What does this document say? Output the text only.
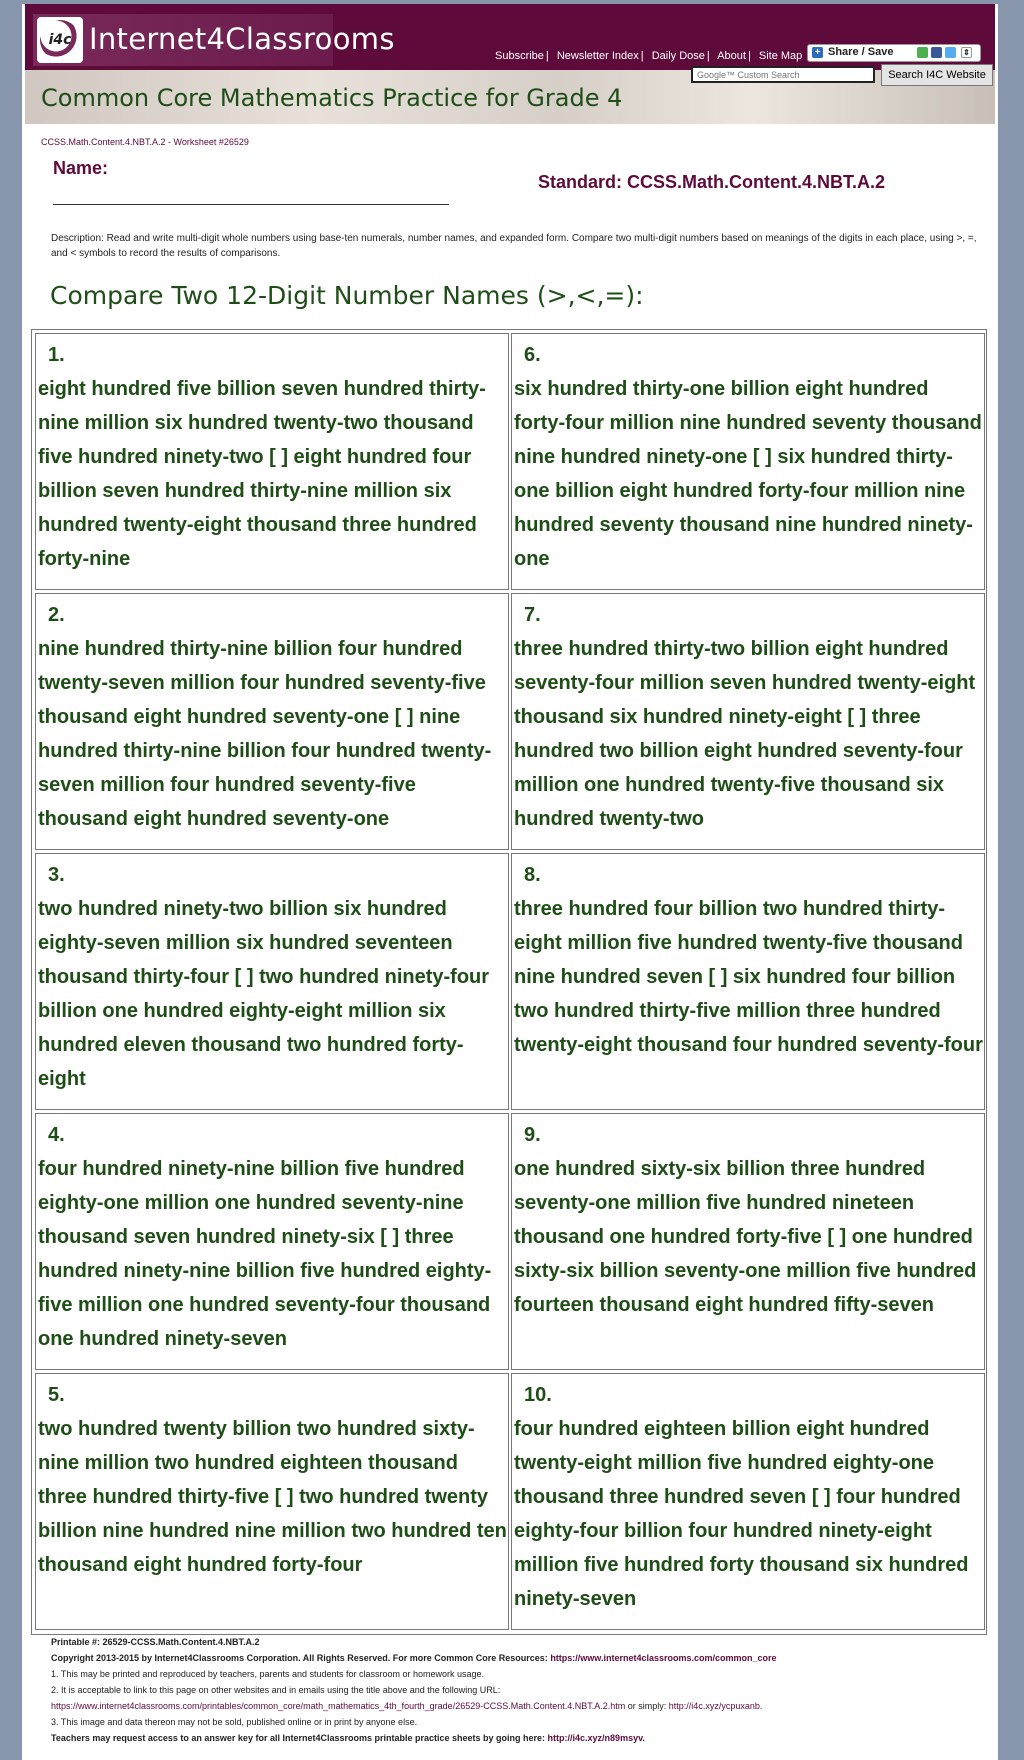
i4c Internet4Classrooms	Subscribe | Newsletter Index | Daily Dose | About | Site Map + Share / Save	⇕
Common Core Mathematics Practice for Grade 4
Google™ Custom Search
Search I4C Website
CCSS.Math.Content.4.NBT.A.2 - Worksheet #26529
Name:
Standard: CCSS.Math.Content.4.NBT.A.2
Description: Read and write multi-digit whole numbers using base-ten numerals, number names, and expanded form. Compare two multi-digit numbers based on meanings of the digits in each place, using >, =, and < symbols to record the results of comparisons.
Compare Two 12-Digit Number Names (>,<,=):
1.
eight hundred five billion seven hundred thirty-nine million six hundred twenty-two thousand five hundred ninety-two [ ] eight hundred four billion seven hundred thirty-nine million six hundred twenty-eight thousand three hundred forty-nine
6.
six hundred thirty-one billion eight hundred forty-four million nine hundred seventy thousand nine hundred ninety-one [ ] six hundred thirty-one billion eight hundred forty-four million nine hundred seventy thousand nine hundred ninety-one
2.
nine hundred thirty-nine billion four hundred twenty-seven million four hundred seventy-five thousand eight hundred seventy-one [ ] nine hundred thirty-nine billion four hundred twenty-seven million four hundred seventy-five thousand eight hundred seventy-one
7.
three hundred thirty-two billion eight hundred seventy-four million seven hundred twenty-eight thousand six hundred ninety-eight [ ] three hundred two billion eight hundred seventy-four million one hundred twenty-five thousand six hundred twenty-two
3.
two hundred ninety-two billion six hundred eighty-seven million six hundred seventeen thousand thirty-four [ ] two hundred ninety-four billion one hundred eighty-eight million six hundred eleven thousand two hundred forty-eight
8.
three hundred four billion two hundred thirty-eight million five hundred twenty-five thousand nine hundred seven [ ] six hundred four billion two hundred thirty-five million three hundred twenty-eight thousand four hundred seventy-four
4.
four hundred ninety-nine billion five hundred eighty-one million one hundred seventy-nine thousand seven hundred ninety-six [ ] three hundred ninety-nine billion five hundred eighty-five million one hundred seventy-four thousand one hundred ninety-seven
9.
one hundred sixty-six billion three hundred seventy-one million five hundred nineteen thousand one hundred forty-five [ ] one hundred sixty-six billion seventy-one million five hundred fourteen thousand eight hundred fifty-seven
5.
two hundred twenty billion two hundred sixty-nine million two hundred eighteen thousand three hundred thirty-five [ ] two hundred twenty billion nine hundred nine million two hundred ten thousand eight hundred forty-four
10.
four hundred eighteen billion eight hundred twenty-eight million five hundred eighty-one thousand three hundred seven [ ] four hundred eighty-four billion four hundred ninety-eight million five hundred forty thousand six hundred ninety-seven
Printable #: 26529-CCSS.Math.Content.4.NBT.A.2
Copyright 2013-2015 by Internet4Classrooms Corporation. All Rights Reserved. For more Common Core Resources: https://www.internet4classrooms.com/common_core
1. This may be printed and reproduced by teachers, parents and students for classroom or homework usage.
2. It is acceptable to link to this page on other websites and in emails using the title above and the following URL:
https://www.internet4classrooms.com/printables/common_core/math_mathematics_4th_fourth_grade/26529-CCSS.Math.Content.4.NBT.A.2.htm or simply: http://i4c.xyz/ycpuxanb.
3. This image and data thereon may not be sold, published online or in print by anyone else.
Teachers may request access to an answer key for all Internet4Classrooms printable practice sheets by going here: http://i4c.xyz/n89msyv.
